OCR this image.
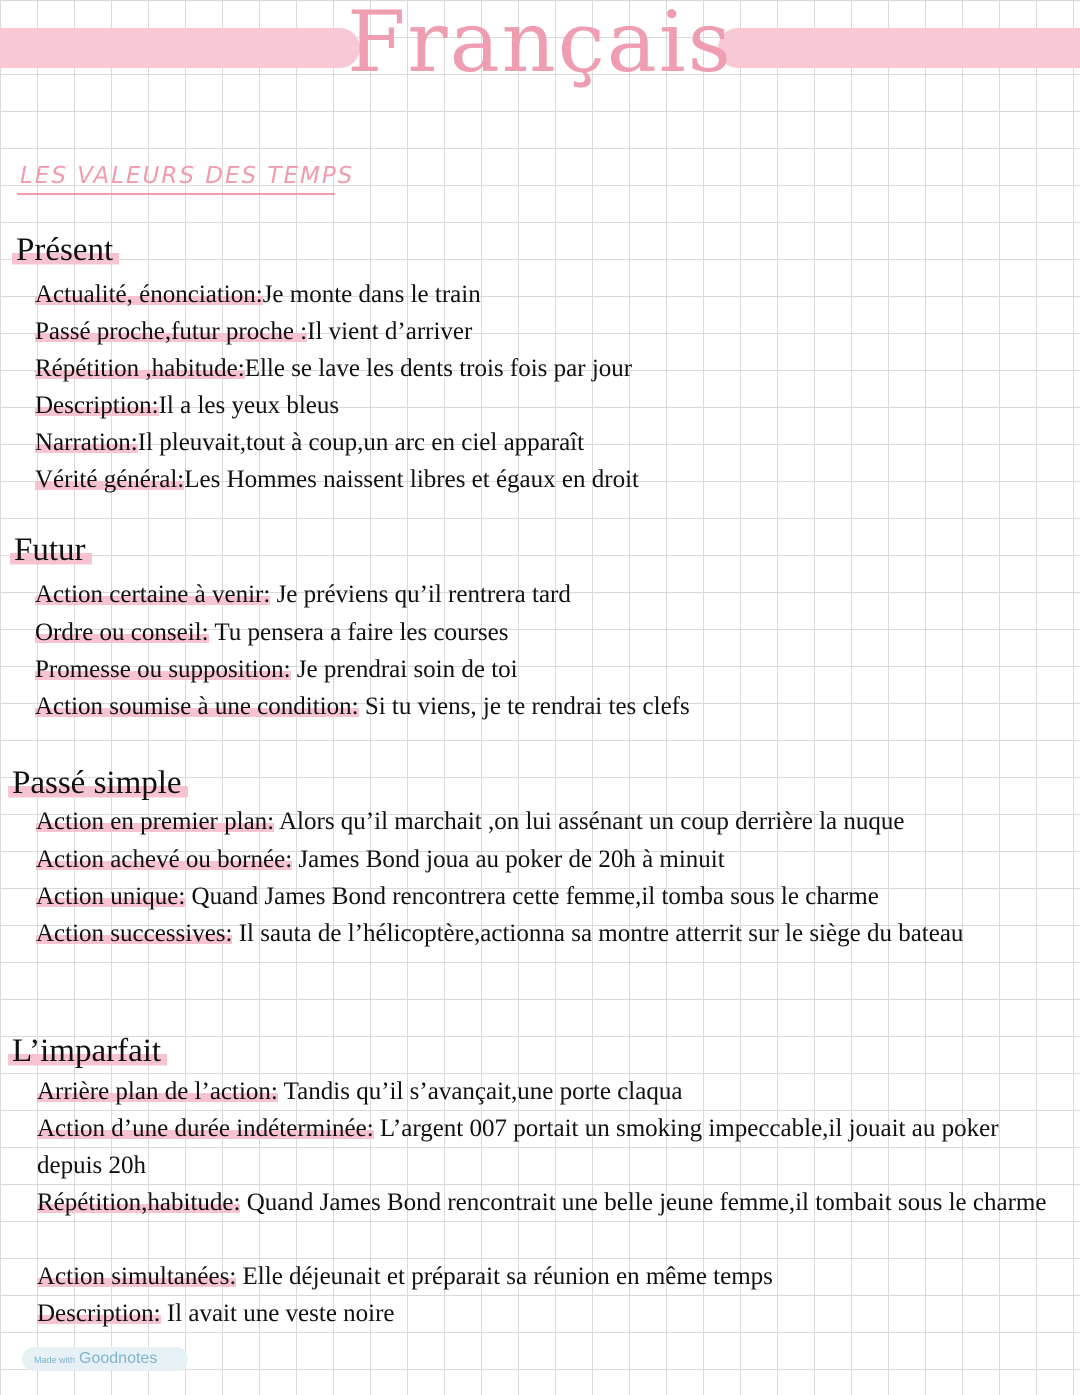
Français
LES VALEURS DES TEMPS
Présent
Actualité, énonciation:Je monte dans le train
Passé proche,futur proche :Il vient d’arriver
Répétition ,habitude:Elle se lave les dents trois fois par jour
Description:Il a les yeux bleus
Narration:Il pleuvait,tout à coup,un arc en ciel apparaît
Vérité général:Les Hommes naissent libres et égaux en droit
Futur
Action certaine à venir: Je préviens qu’il rentrera tard
Ordre ou conseil: Tu pensera a faire les courses
Promesse ou supposition: Je prendrai soin de toi
Action soumise à une condition: Si tu viens, je te rendrai tes clefs
Passé simple
Action en premier plan: Alors qu’il marchait ,on lui assénant un coup derrière la nuque
Action achevé ou bornée: James Bond joua au poker de 20h à minuit
Action unique: Quand James Bond rencontrera cette femme,il tomba sous le charme
Action successives: Il sauta de l’hélicoptère,actionna sa montre atterrit sur le siège du bateau
L’imparfait
Arrière plan de l’action: Tandis qu’il s’avançait,une porte claqua
Action d’une durée indéterminée: L’argent 007 portait un smoking impeccable,il jouait au poker depuis 20h
Répétition,habitude: Quand James Bond rencontrait une belle jeune femme,il tombait sous le charme
Action simultanées: Elle déjeunait et préparait sa réunion en même temps
Description: Il avait une veste noire
Made with Goodnotes
